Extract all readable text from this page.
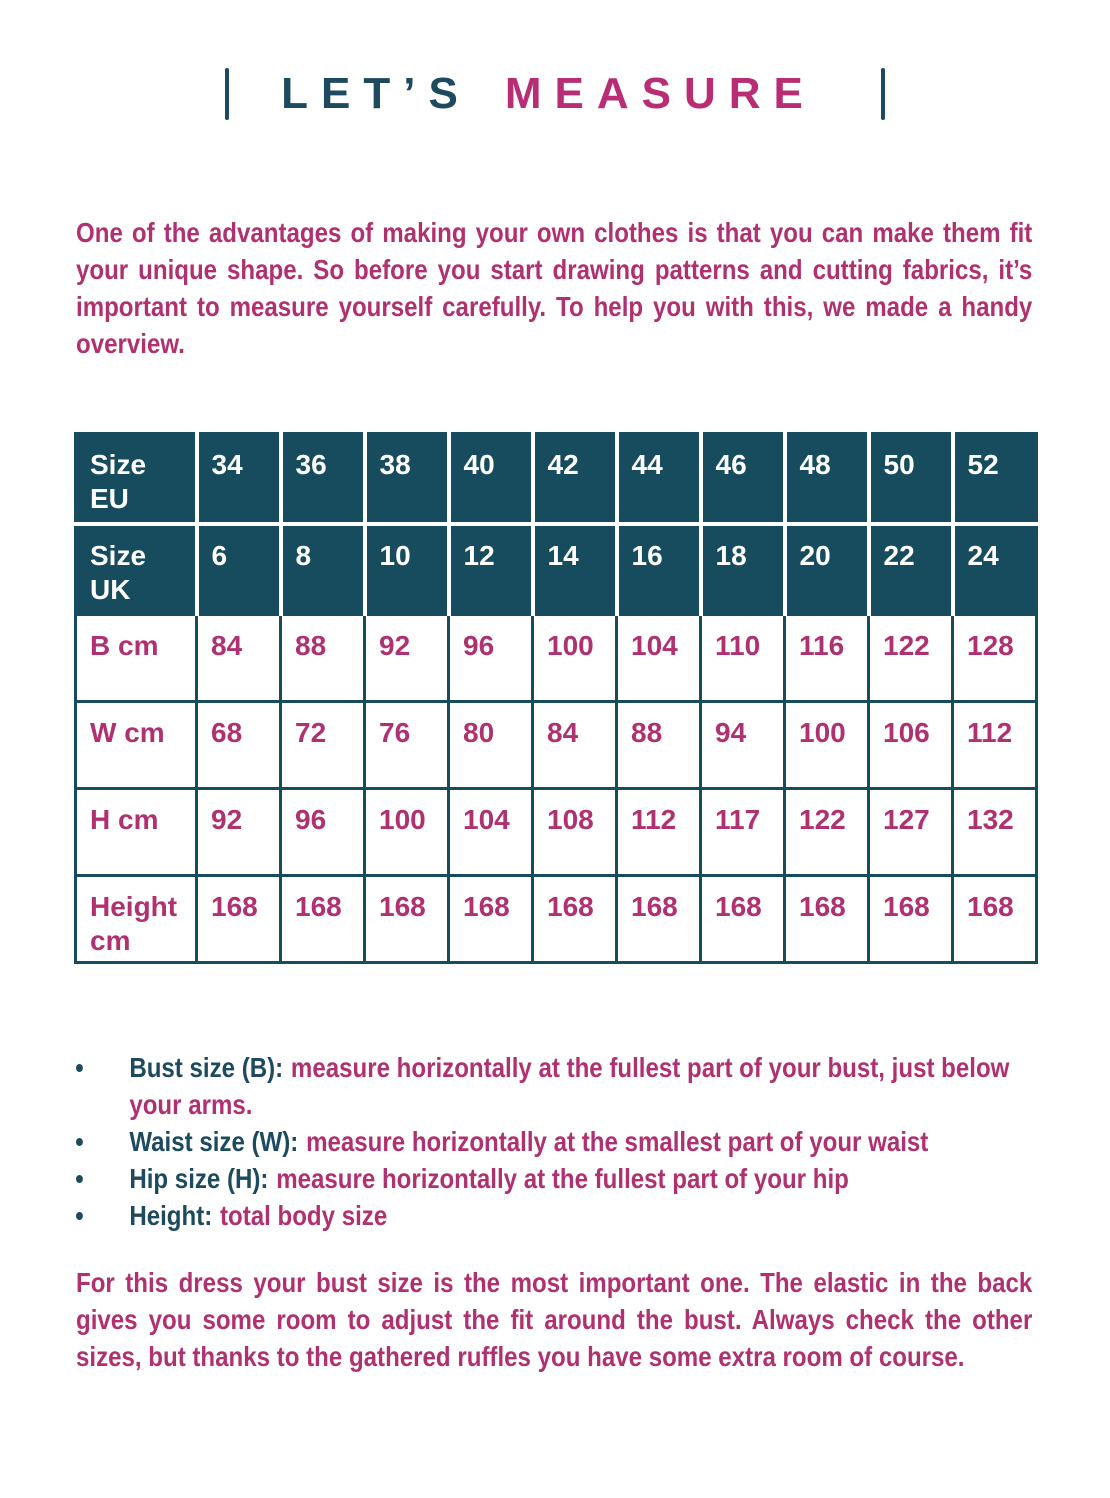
LET’S MEASURE

One of the advantages of making your own clothes is that you can make them fit your unique shape. So before you start drawing patterns and cutting fabrics, it’s important to measure yourself carefully. To help you with this, we made a handy overview.

Size EU	34	36	38	40	42	44	46	48	50	52
Size UK	6	8	10	12	14	16	18	20	22	24
B cm	84	88	92	96	100	104	110	116	122	128
W cm	68	72	76	80	84	88	94	100	106	112
H cm	92	96	100	104	108	112	117	122	127	132
Height cm	168	168	168	168	168	168	168	168	168	168
Bust size (B): measure horizontally at the fullest part of your bust, just below your arms.
Waist size (W): measure horizontally at the smallest part of your waist
Hip size (H): measure horizontally at the fullest part of your hip
Height: total body size

For this dress your bust size is the most important one. The elastic in the back gives you some room to adjust the fit around the bust. Always check the other sizes, but thanks to the gathered ruffles you have some extra room of course.
